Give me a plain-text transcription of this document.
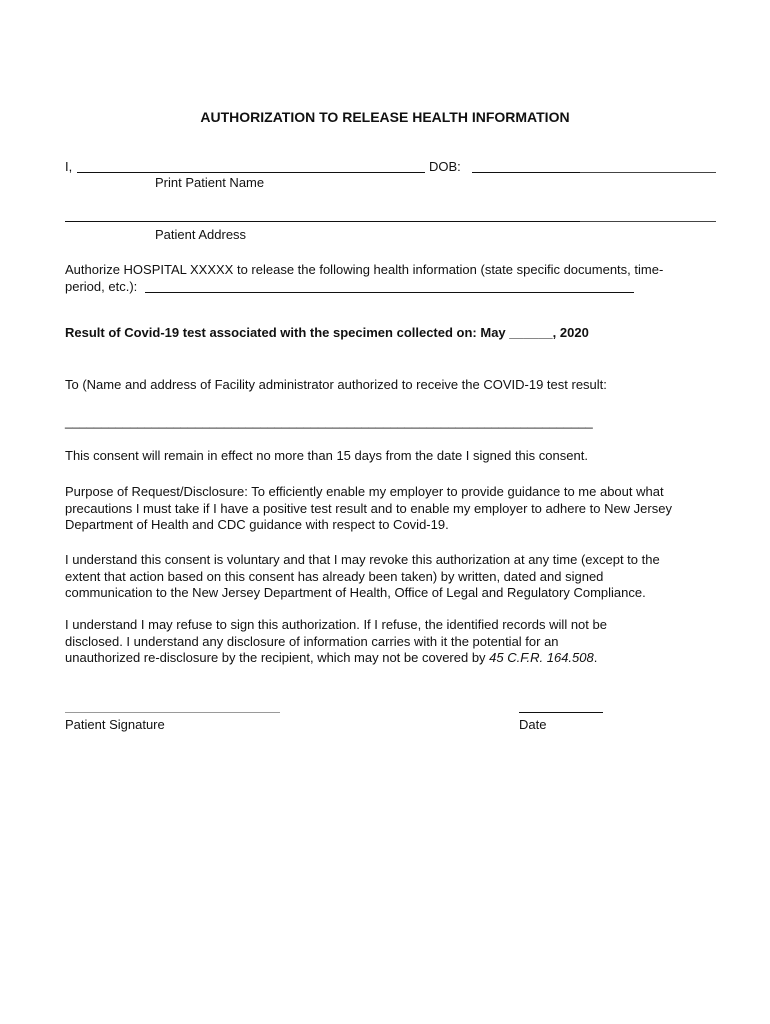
AUTHORIZATION TO RELEASE HEALTH INFORMATION
I,	DOB:
Print Patient Name
Patient Address
Authorize HOSPITAL XXXXX to release the following health information (state specific documents, time-
period, etc.):
Result of Covid-19 test associated with the specimen collected on: May ______, 2020
To (Name and address of Facility administrator authorized to receive the COVID-19 test result:
_________________________________________________________________________
This consent will remain in effect no more than 15 days from the date I signed this consent.
Purpose of Request/Disclosure: To efficiently enable my employer to provide guidance to me about what
precautions I must take if I have a positive test result and to enable my employer to adhere to New Jersey
Department of Health and CDC guidance with respect to Covid-19.
I understand this consent is voluntary and that I may revoke this authorization at any time (except to the
extent that action based on this consent has already been taken) by written, dated and signed
communication to the New Jersey Department of Health, Office of Legal and Regulatory Compliance.
I understand I may refuse to sign this authorization. If I refuse, the identified records will not be
disclosed. I understand any disclosure of information carries with it the potential for an
unauthorized re-disclosure by the recipient, which may not be covered by 45 C.F.R. 164.508.
Patient Signature	Date
